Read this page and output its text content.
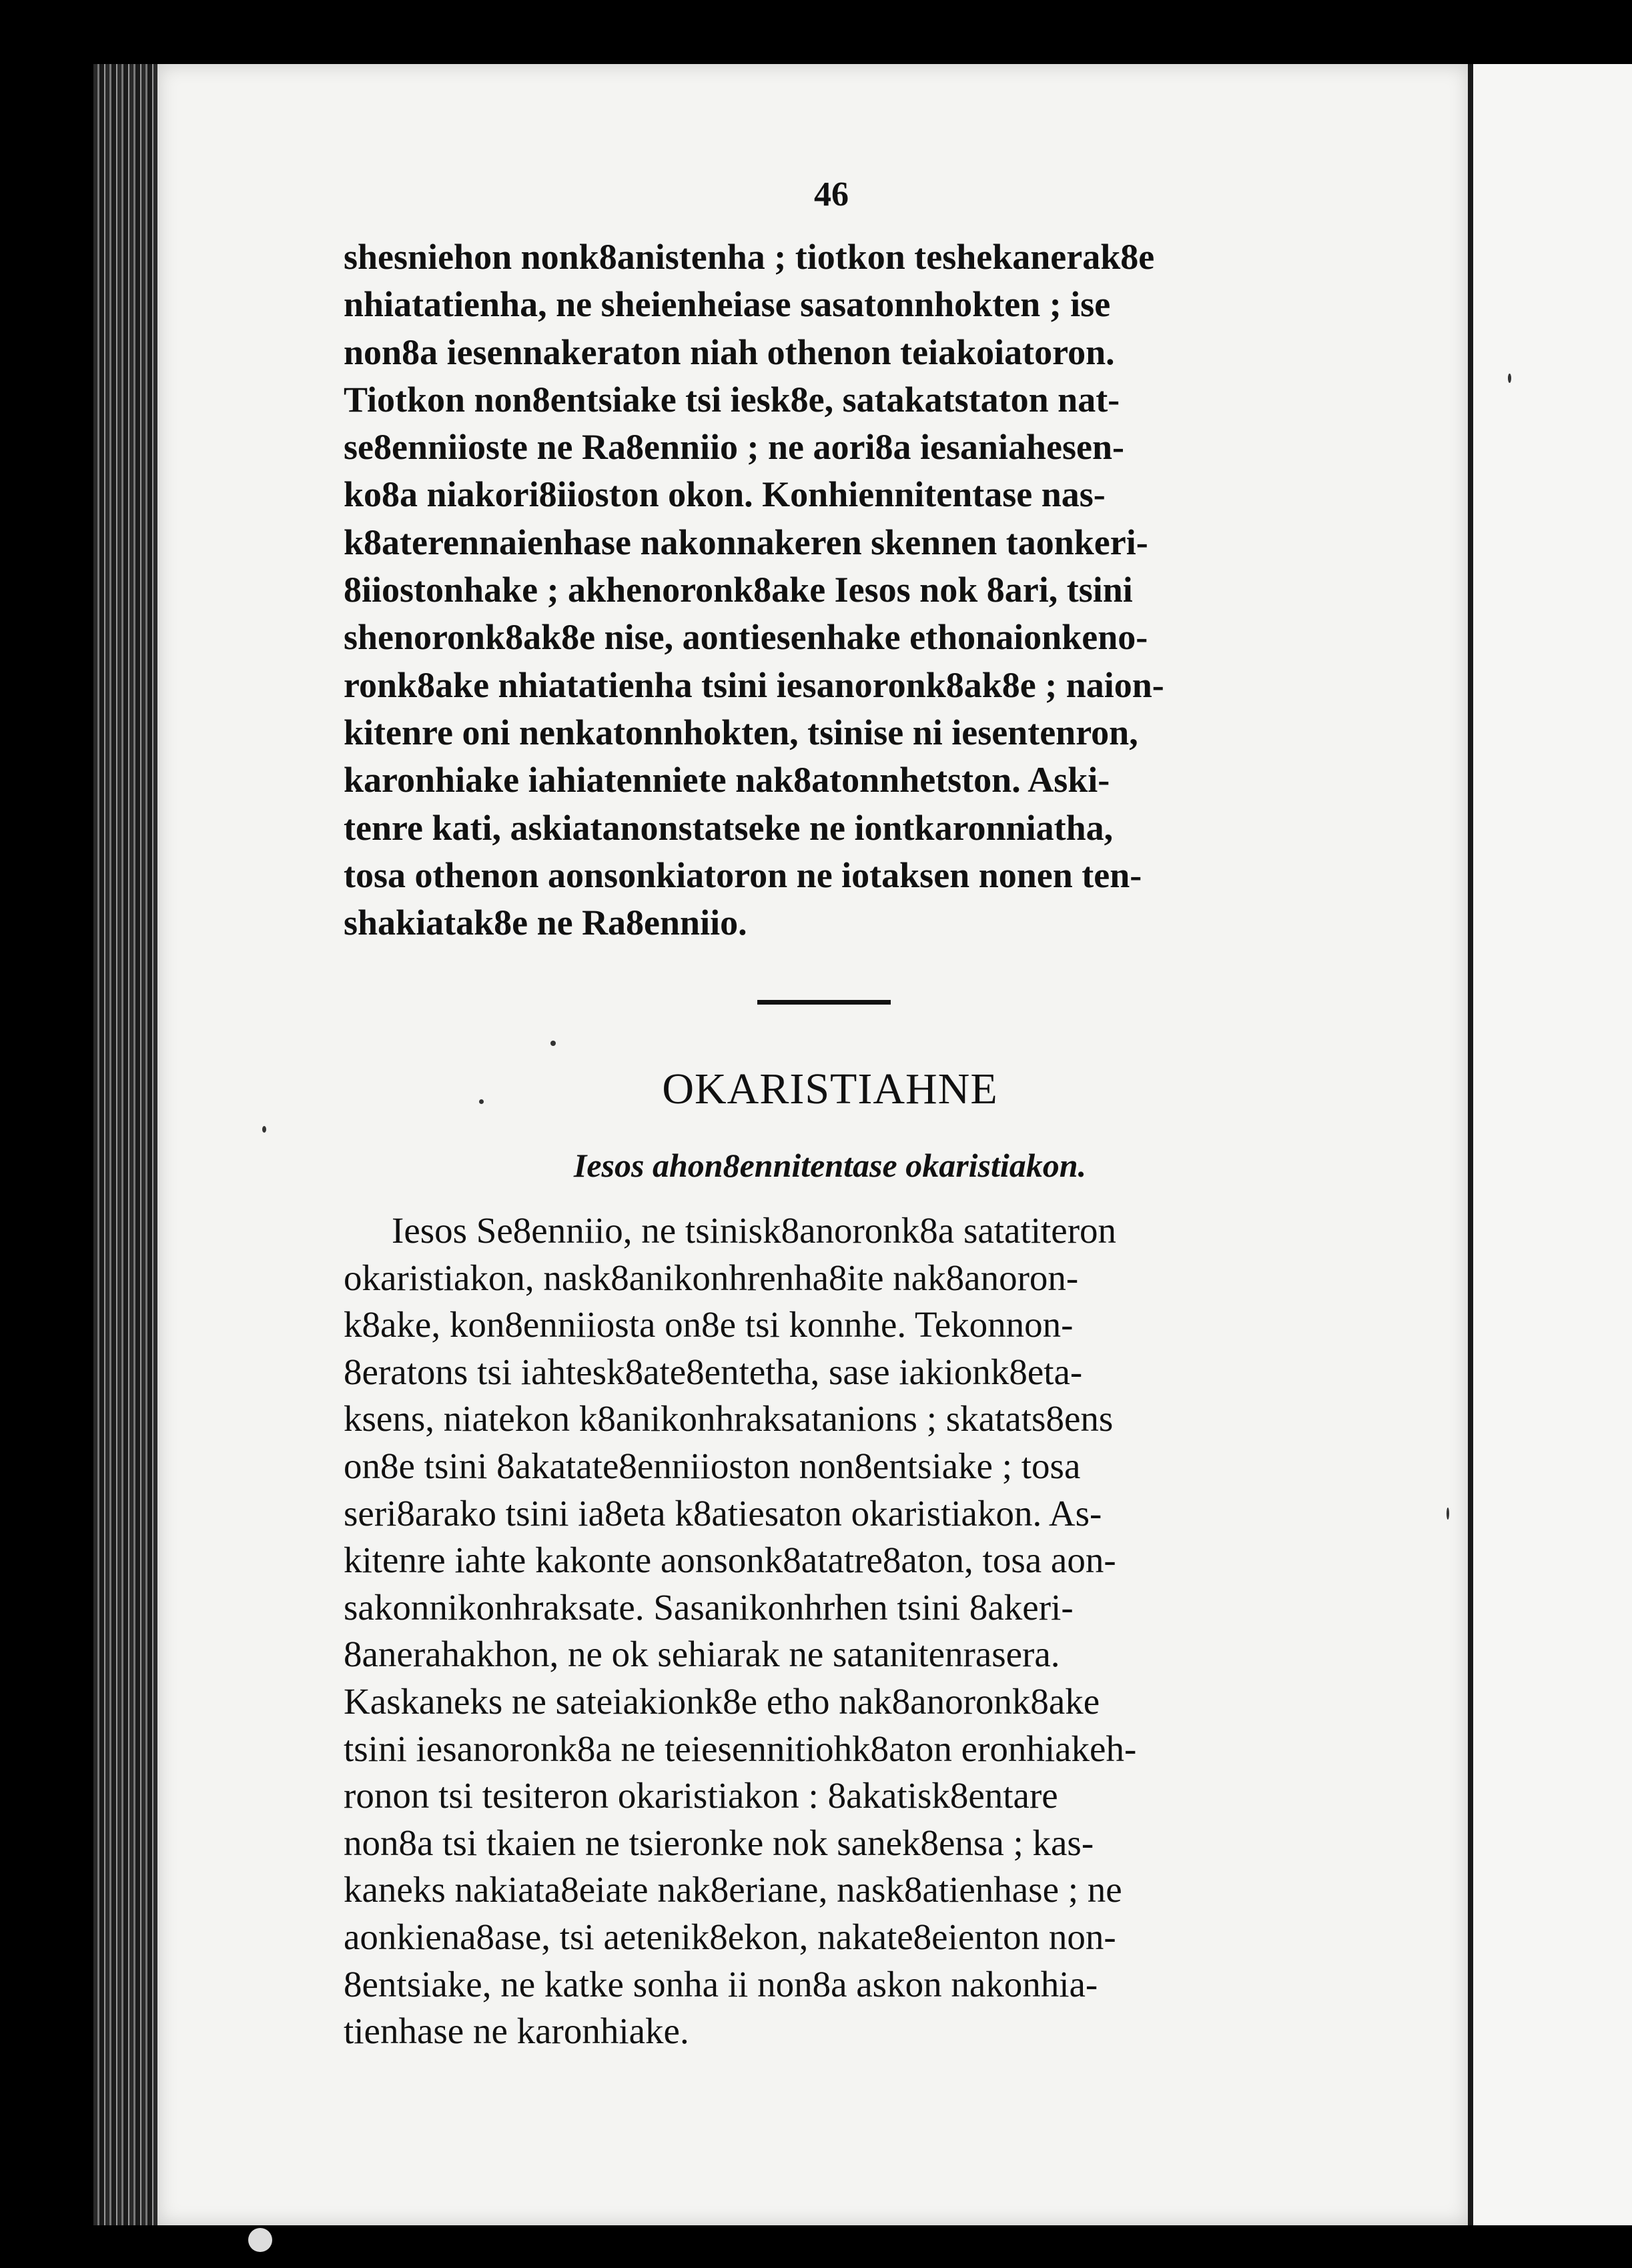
46

shesniehon nonk8anistenha ; tiotkon teshekanerak8e

nhiatatienha, ne sheienheiase sasatonnhokten ; ise

non8a iesennakeraton niah othenon teiakoiatoron.

Tiotkon non8entsiake tsi iesk8e, satakatstaton nat-

se8enniioste ne Ra8enniio ; ne aori8a iesaniahesen-

ko8a niakori8iioston okon. Konhiennitentase nas-

k8aterennaienhase nakonnakeren skennen taonkeri-

8iiostonhake ; akhenoronk8ake Iesos nok 8ari, tsini

shenoronk8ak8e nise, aontiesenhake ethonaionkeno-

ronk8ake nhiatatienha tsini iesanoronk8ak8e ; naion-

kitenre oni nenkatonnhokten, tsinise ni iesentenron,

karonhiake iahiatenniete nak8atonnhetston. Aski-

tenre kati, askiatanonstatseke ne iontkaronniatha,

tosa othenon aonsonkiatoron ne iotaksen nonen ten-

shakiatak8e ne Ra8enniio.

OKARISTIAHNE
Iesos ahon8ennitentase okaristiakon.

Iesos Se8enniio, ne tsinisk8anoronk8a satatiteron

okaristiakon, nask8anikonhrenha8ite nak8anoron-

k8ake, kon8enniiosta on8e tsi konnhe. Tekonnon-

8eratons tsi iahtesk8ate8entetha, sase iakionk8eta-

ksens, niatekon k8anikonhraksatanions ; skatats8ens

on8e tsini 8akatate8enniioston non8entsiake ; tosa

seri8arako tsini ia8eta k8atiesaton okaristiakon. As-

kitenre iahte kakonte aonsonk8atatre8aton, tosa aon-

sakonnikonhraksate. Sasanikonhrhen tsini 8akeri-

8anerahakhon, ne ok sehiarak ne satanitenrasera.

Kaskaneks ne sateiakionk8e etho nak8anoronk8ake

tsini iesanoronk8a ne teiesennitiohk8aton eronhiakeh-

ronon tsi tesiteron okaristiakon : 8akatisk8entare

non8a tsi tkaien ne tsieronke nok sanek8ensa ; kas-

kaneks nakiata8eiate nak8eriane, nask8atienhase ; ne

aonkiena8ase, tsi aetenik8ekon, nakate8eienton non-

8entsiake, ne katke sonha ii non8a askon nakonhia-

tienhase ne karonhiake.
